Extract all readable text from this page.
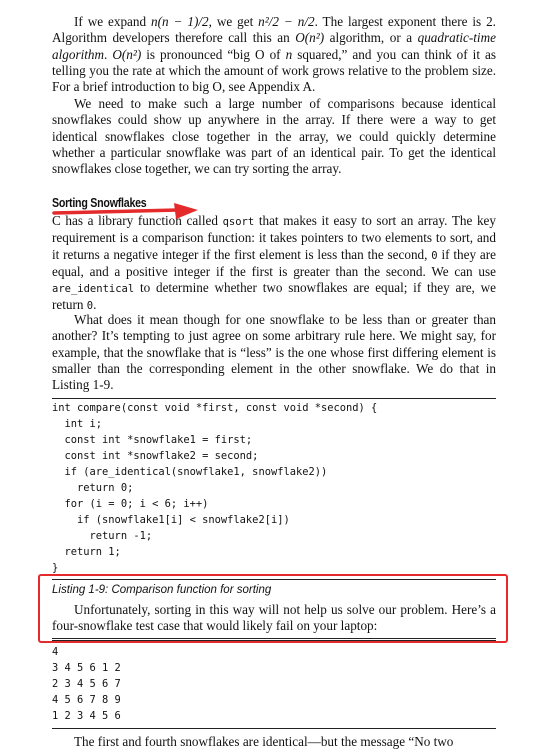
If we expand n(n − 1)/2, we get n²/2 − n/2. The largest exponent there is 2. Algorithm developers therefore call this an O(n²) algorithm, or a quadratic-time algorithm. O(n²) is pronounced “big O of n squared,” and you can think of it as telling you the rate at which the amount of work grows relative to the problem size. For a brief introduction to big O, see Appendix A.

We need to make such a large number of comparisons because identical snowflakes could show up anywhere in the array. If there were a way to get identical snowflakes close together in the array, we could quickly determine whether a particular snowflake was part of an identical pair. To get the identical snowflakes close together, we can try sorting the array.

Sorting Snowflakes

C has a library function called qsort that makes it easy to sort an array. The key requirement is a comparison function: it takes pointers to two elements to sort, and it returns a negative integer if the first element is less than the second, 0 if they are equal, and a positive integer if the first is greater than the second. We can use are_identical to determine whether two snowflakes are equal; if they are, we return 0.

What does it mean though for one snowflake to be less than or greater than another? It’s tempting to just agree on some arbitrary rule here. We might say, for example, that the snowflake that is “less” is the one whose first differing element is smaller than the corresponding element in the other snowflake. We do that in Listing 1-9.

int compare(const void *first, const void *second) {
int i;
const int *snowflake1 = first;
const int *snowflake2 = second;
if (are_identical(snowflake1, snowflake2))
return 0;
for (i = 0; i < 6; i++)
if (snowflake1[i] < snowflake2[i])
return -1;
return 1;
}
Listing 1-9: Comparison function for sorting

Unfortunately, sorting in this way will not help us solve our problem. Here’s a four-snowflake test case that would likely fail on your laptop:

4
3 4 5 6 1 2
2 3 4 5 6 7
4 5 6 7 8 9
1 2 3 4 5 6

The first and fourth snowflakes are identical—but the message “No two
